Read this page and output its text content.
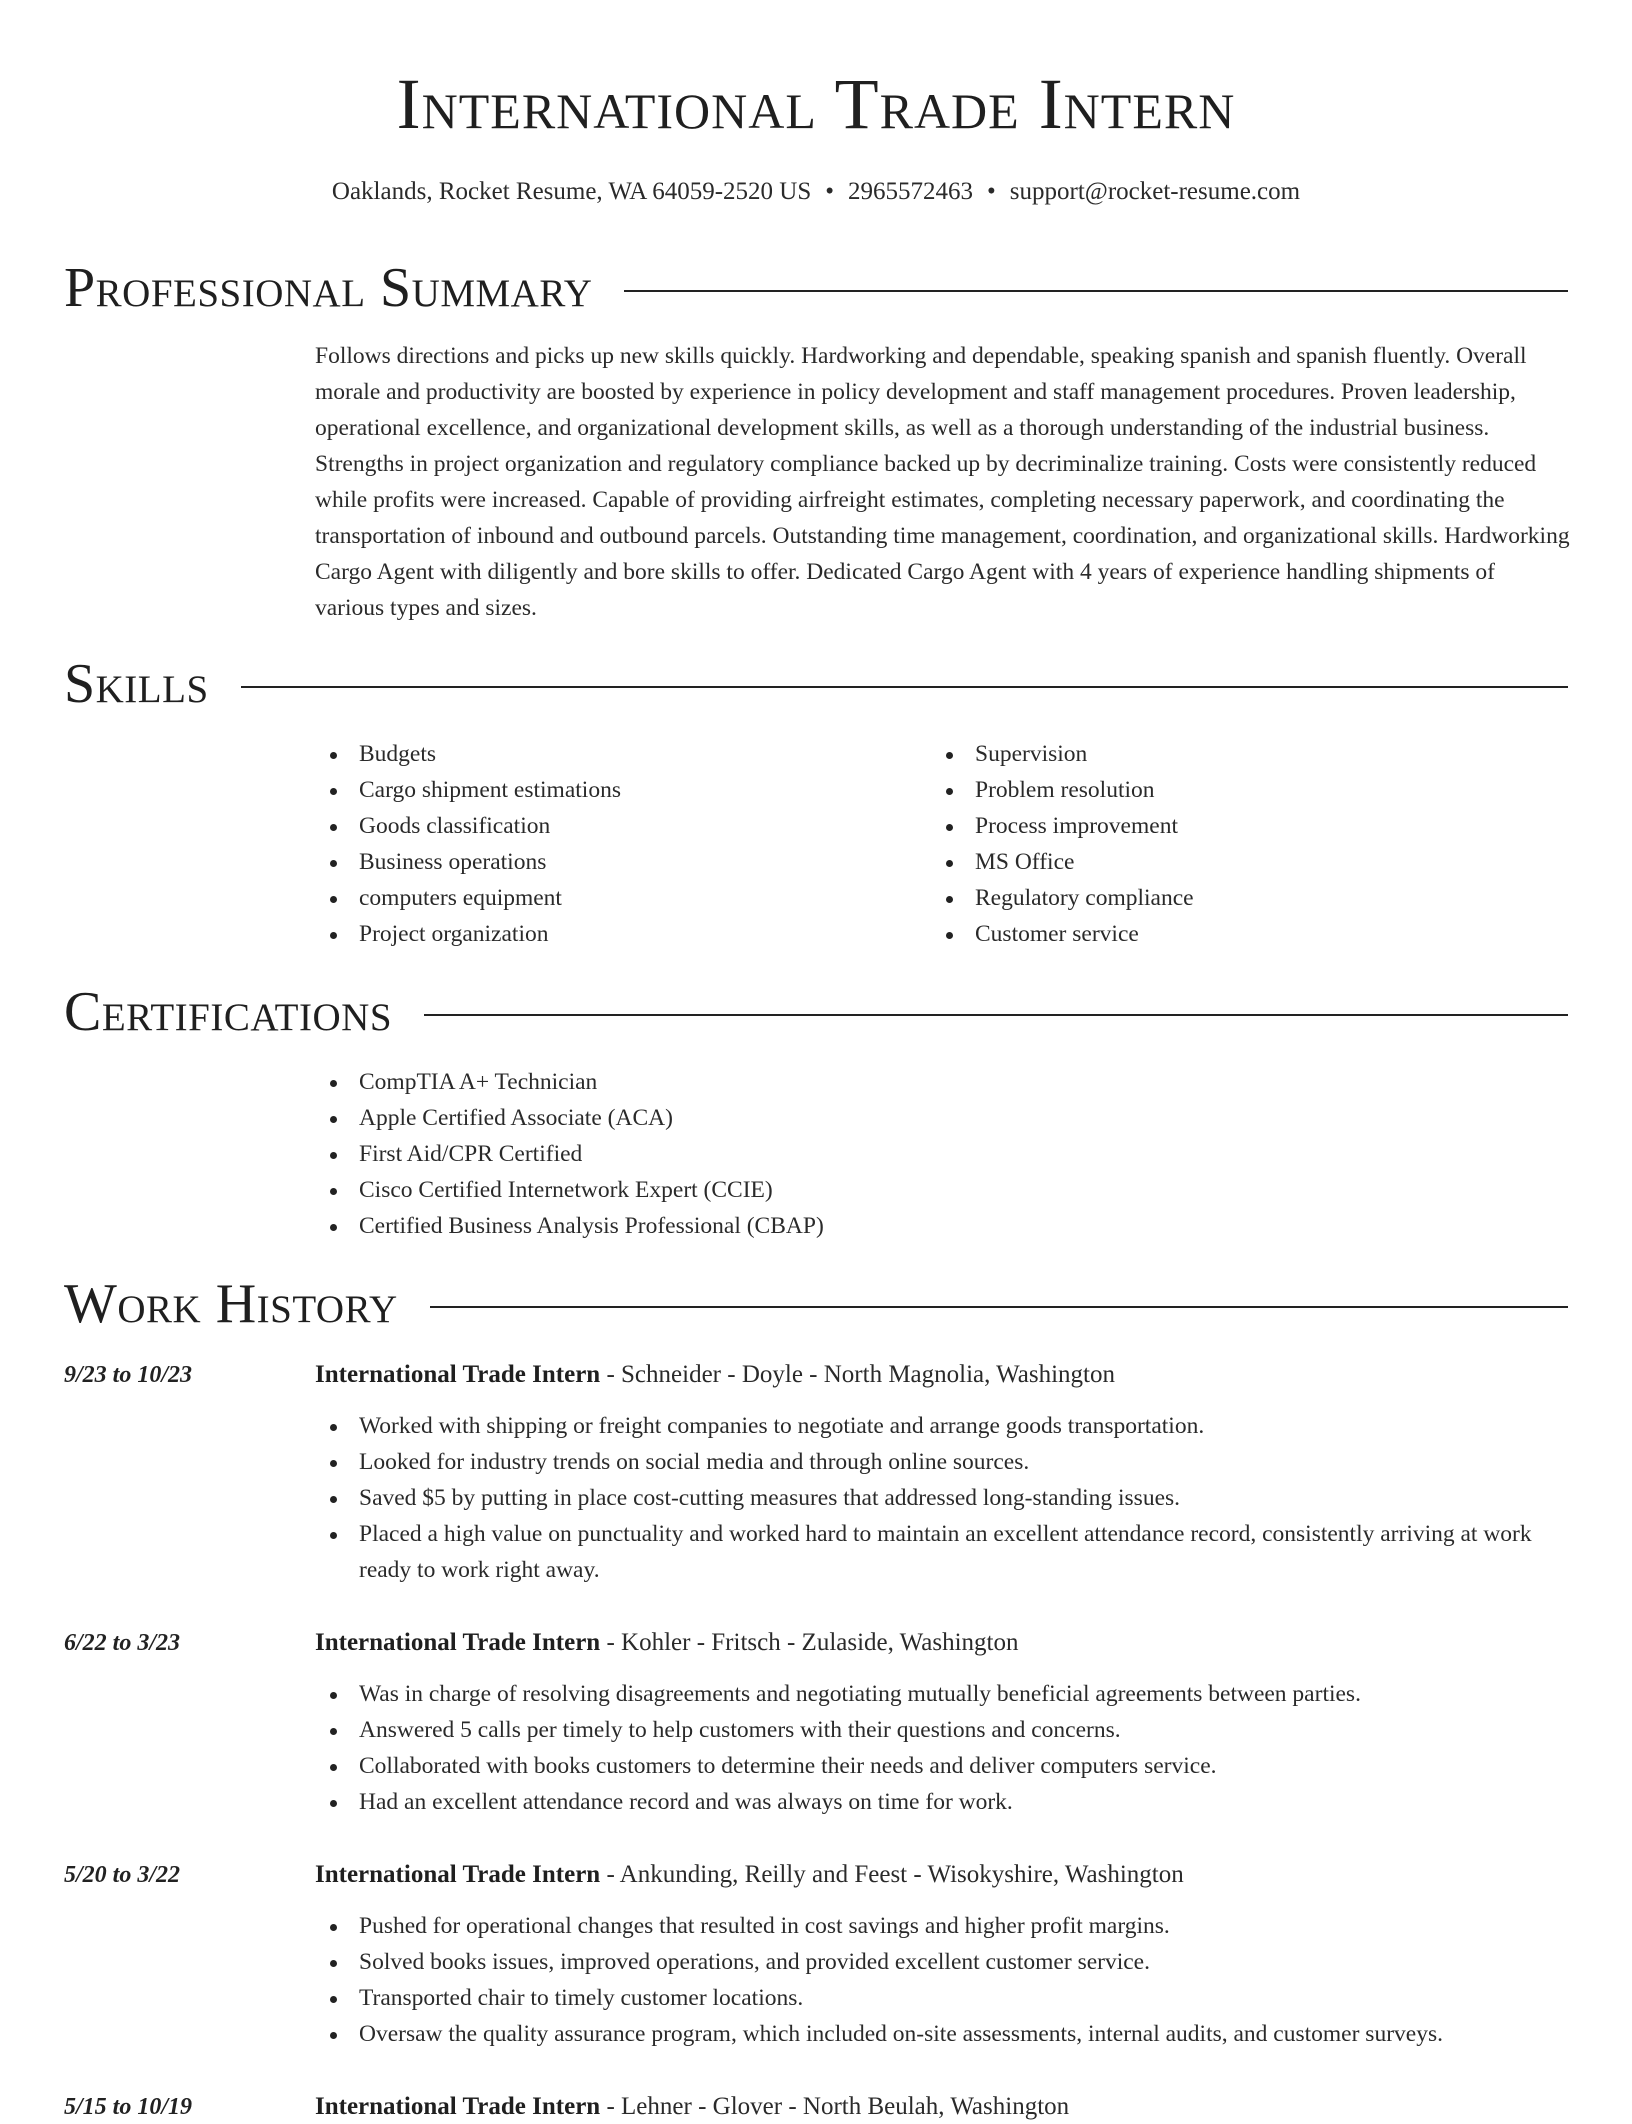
International Trade Intern
Oaklands, Rocket Resume, WA 64059-2520 US • 2965572463 • support@rocket-resume.com
Professional Summary
Follows directions and picks up new skills quickly. Hardworking and dependable, speaking spanish and spanish fluently. Overall morale and productivity are boosted by experience in policy development and staff management procedures. Proven leadership, operational excellence, and organizational development skills, as well as a thorough understanding of the industrial business. Strengths in project organization and regulatory compliance backed up by decriminalize training. Costs were consistently reduced while profits were increased. Capable of providing airfreight estimates, completing necessary paperwork, and coordinating the transportation of inbound and outbound parcels. Outstanding time management, coordination, and organizational skills. Hardworking Cargo Agent with diligently and bore skills to offer. Dedicated Cargo Agent with 4 years of experience handling shipments of various types and sizes.
Skills
Budgets
Cargo shipment estimations
Goods classification
Business operations
computers equipment
Project organization
Supervision
Problem resolution
Process improvement
MS Office
Regulatory compliance
Customer service
Certifications
CompTIA A+ Technician
Apple Certified Associate (ACA)
First Aid/CPR Certified
Cisco Certified Internetwork Expert (CCIE)
Certified Business Analysis Professional (CBAP)
Work History
9/23 to 10/23	International Trade Intern - Schneider - Doyle - North Magnolia, Washington
Worked with shipping or freight companies to negotiate and arrange goods transportation.
Looked for industry trends on social media and through online sources.
Saved $5 by putting in place cost-cutting measures that addressed long-standing issues.
Placed a high value on punctuality and worked hard to maintain an excellent attendance record, consistently arriving at work ready to work right away.
6/22 to 3/23	International Trade Intern - Kohler - Fritsch - Zulaside, Washington
Was in charge of resolving disagreements and negotiating mutually beneficial agreements between parties.
Answered 5 calls per timely to help customers with their questions and concerns.
Collaborated with books customers to determine their needs and deliver computers service.
Had an excellent attendance record and was always on time for work.
5/20 to 3/22	International Trade Intern - Ankunding, Reilly and Feest - Wisokyshire, Washington
Pushed for operational changes that resulted in cost savings and higher profit margins.
Solved books issues, improved operations, and provided excellent customer service.
Transported chair to timely customer locations.
Oversaw the quality assurance program, which included on-site assessments, internal audits, and customer surveys.
5/15 to 10/19	International Trade Intern - Lehner - Glover - North Beulah, Washington
